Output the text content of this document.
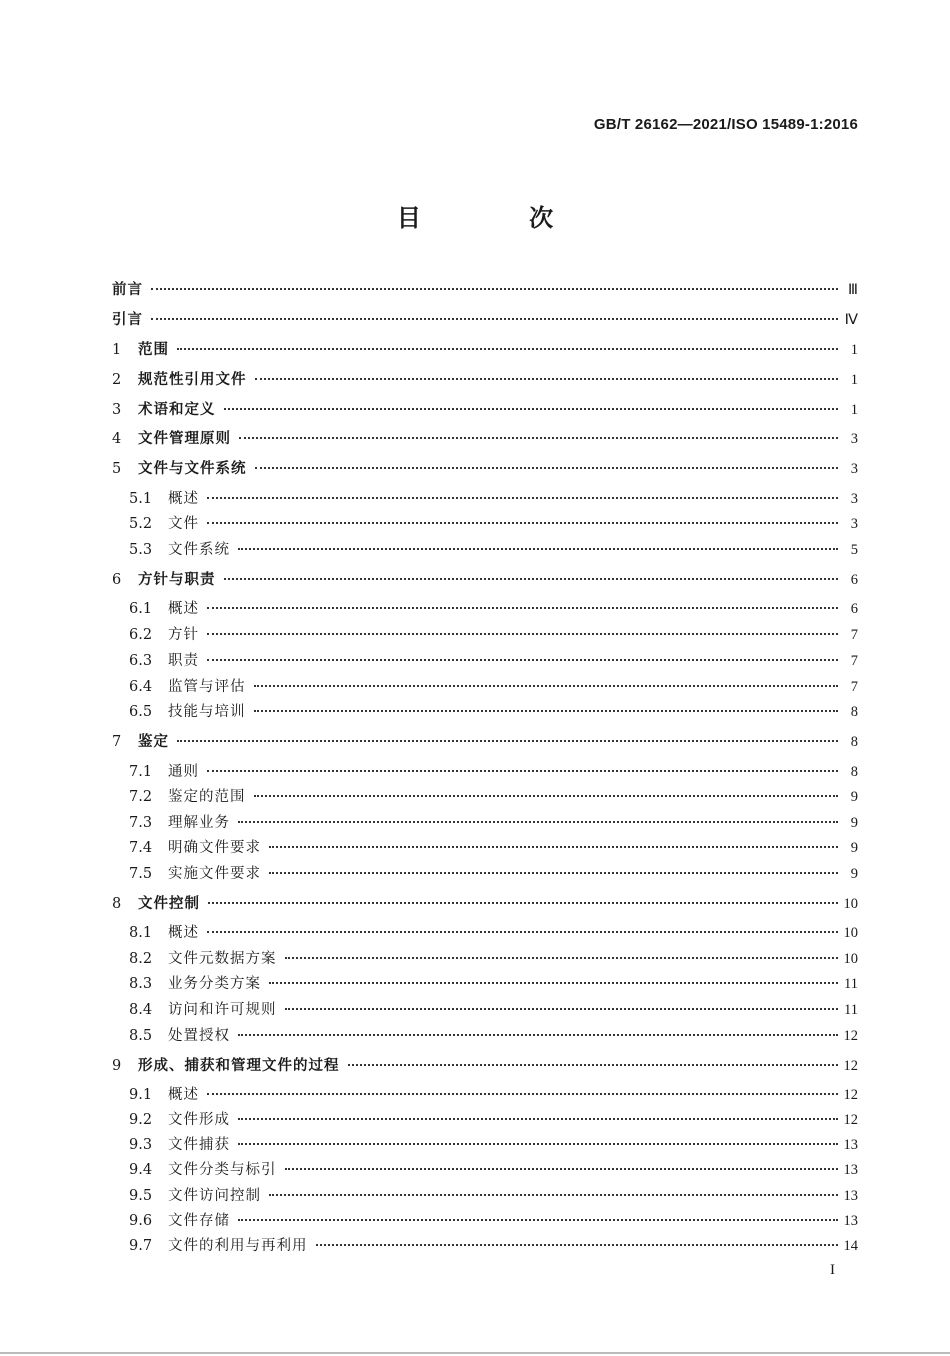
GB/T 26162—2021/ISO 15489-1:2016
目 次
前言	Ⅲ
引言	Ⅳ
1	范围	1
2	规范性引用文件	1
3	术语和定义	1
4	文件管理原则	3
5	文件与文件系统	3
5.1	概述	3
5.2	文件	3
5.3	文件系统	5
6	方针与职责	6
6.1	概述	6
6.2	方针	7
6.3	职责	7
6.4	监管与评估	7
6.5	技能与培训	8
7	鉴定	8
7.1	通则	8
7.2	鉴定的范围	9
7.3	理解业务	9
7.4	明确文件要求	9
7.5	实施文件要求	9
8	文件控制	10
8.1	概述	10
8.2	文件元数据方案	10
8.3	业务分类方案	11
8.4	访问和许可规则	11
8.5	处置授权	12
9	形成、捕获和管理文件的过程	12
9.1	概述	12
9.2	文件形成	12
9.3	文件捕获	13
9.4	文件分类与标引	13
9.5	文件访问控制	13
9.6	文件存储	13
9.7	文件的利用与再利用	14
I
